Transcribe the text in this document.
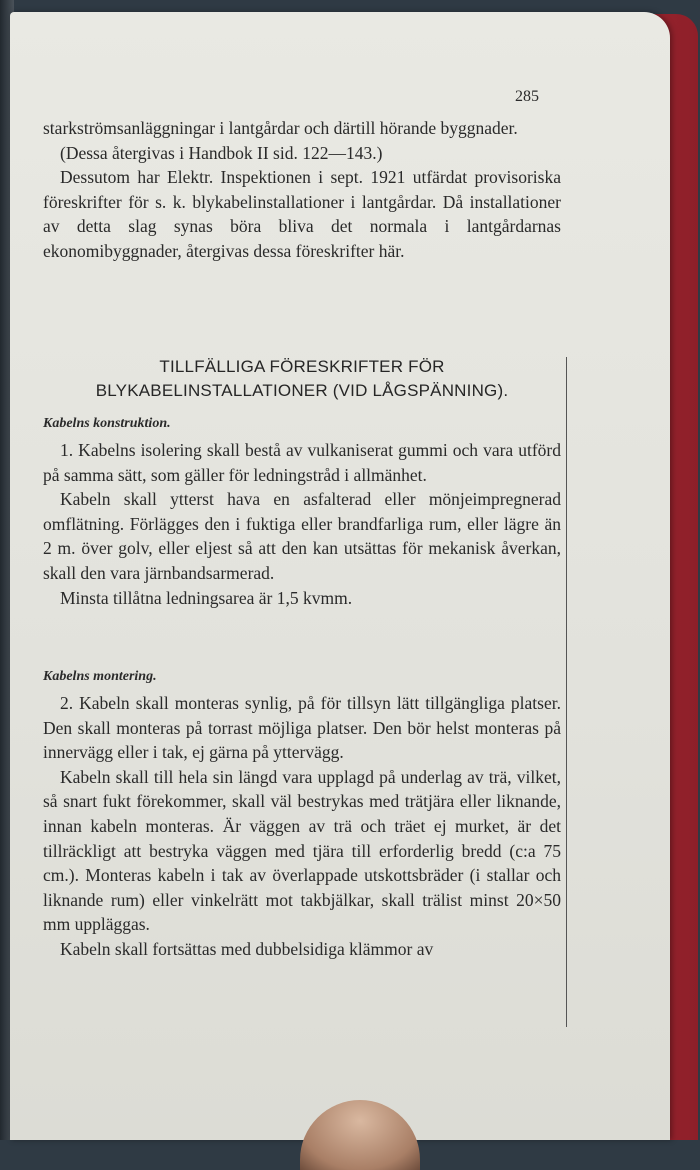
285

starkströmsanläggningar i lantgårdar och därtill hörande byggnader.

(Dessa återgivas i Handbok II sid. 122—143.)

Dessutom har Elektr. Inspektionen i sept. 1921 utfärdat provisoriska föreskrifter för s. k. blykabelinstallationer i lantgårdar. Då installationer av detta slag synas böra bliva det normala i lantgårdarnas ekonomibyggnader, återgivas dessa föreskrifter här.

TILLFÄLLIGA FÖRESKRIFTER FÖR BLYKABELINSTALLATIONER (VID LÅGSPÄNNING).
Kabelns konstruktion.

1. Kabelns isolering skall bestå av vulkaniserat gummi och vara utförd på samma sätt, som gäller för ledningstråd i allmänhet.

Kabeln skall ytterst hava en asfalterad eller mönjeimpregnerad omflätning. Förlägges den i fuktiga eller brandfarliga rum, eller lägre än 2 m. över golv, eller eljest så att den kan utsättas för mekanisk åverkan, skall den vara järnbandsarmerad.

Minsta tillåtna ledningsarea är 1,5 kvmm.

Kabelns montering.

2. Kabeln skall monteras synlig, på för tillsyn lätt tillgängliga platser. Den skall monteras på torrast möjliga platser. Den bör helst monteras på innervägg eller i tak, ej gärna på yttervägg.

Kabeln skall till hela sin längd vara upplagd på underlag av trä, vilket, så snart fukt förekommer, skall väl bestrykas med trätjära eller liknande, innan kabeln monteras. Är väggen av trä och träet ej murket, är det tillräckligt att bestryka väggen med tjära till erforderlig bredd (c:a 75 cm.). Monteras kabeln i tak av överlappade utskottsbräder (i stallar och liknande rum) eller vinkelrätt mot takbjälkar, skall trälist minst 20×50 mm uppläggas.

Kabeln skall fortsättas med dubbelsidiga klämmor av
